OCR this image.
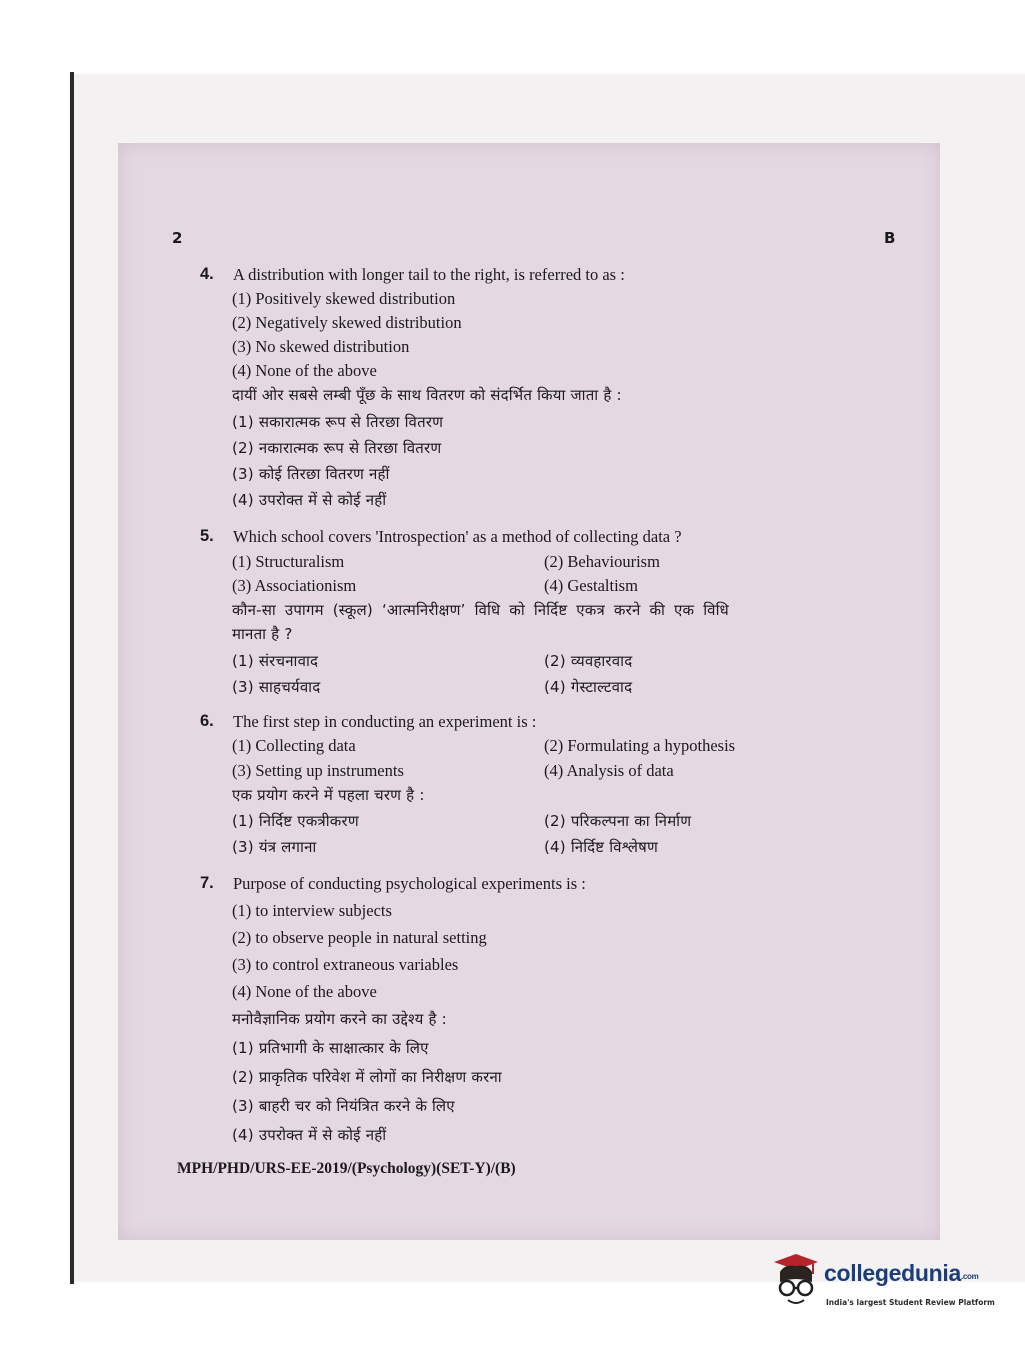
2	B
4. A distribution with longer tail to the right, is referred to as :
(1) Positively skewed distribution
(2) Negatively skewed distribution
(3) No skewed distribution
(4) None of the above
दायीं ओर सबसे लम्बी पूँछ के साथ वितरण को संदर्भित किया जाता है :
(1) सकारात्मक रूप से तिरछा वितरण
(2) नकारात्मक रूप से तिरछा वितरण
(3) कोई तिरछा वितरण नहीं
(4) उपरोक्त में से कोई नहीं
5. Which school covers 'Introspection' as a method of collecting data ?
(1) Structuralism	(2) Behaviourism
(3) Associationism	(4) Gestaltism
कौन-सा उपागम (स्कूल) ‘आत्मनिरीक्षण’ विधि को निर्दिष्ट एकत्र करने की एक विधि
मानता है ?
(1) संरचनावाद	(2) व्यवहारवाद
(3) साहचर्यवाद	(4) गेस्टाल्टवाद
6. The first step in conducting an experiment is :
(1) Collecting data	(2) Formulating a hypothesis
(3) Setting up instruments	(4) Analysis of data
एक प्रयोग करने में पहला चरण है :
(1) निर्दिष्ट एकत्रीकरण	(2) परिकल्पना का निर्माण
(3) यंत्र लगाना	(4) निर्दिष्ट विश्लेषण
7. Purpose of conducting psychological experiments is :
(1) to interview subjects
(2) to observe people in natural setting
(3) to control extraneous variables
(4) None of the above
मनोवैज्ञानिक प्रयोग करने का उद्देश्य है :
(1) प्रतिभागी के साक्षात्कार के लिए
(2) प्राकृतिक परिवेश में लोगों का निरीक्षण करना
(3) बाहरी चर को नियंत्रित करने के लिए
(4) उपरोक्त में से कोई नहीं
MPH/PHD/URS-EE-2019/(Psychology)(SET-Y)/(B)
collegedunia.com
India's largest Student Review Platform
